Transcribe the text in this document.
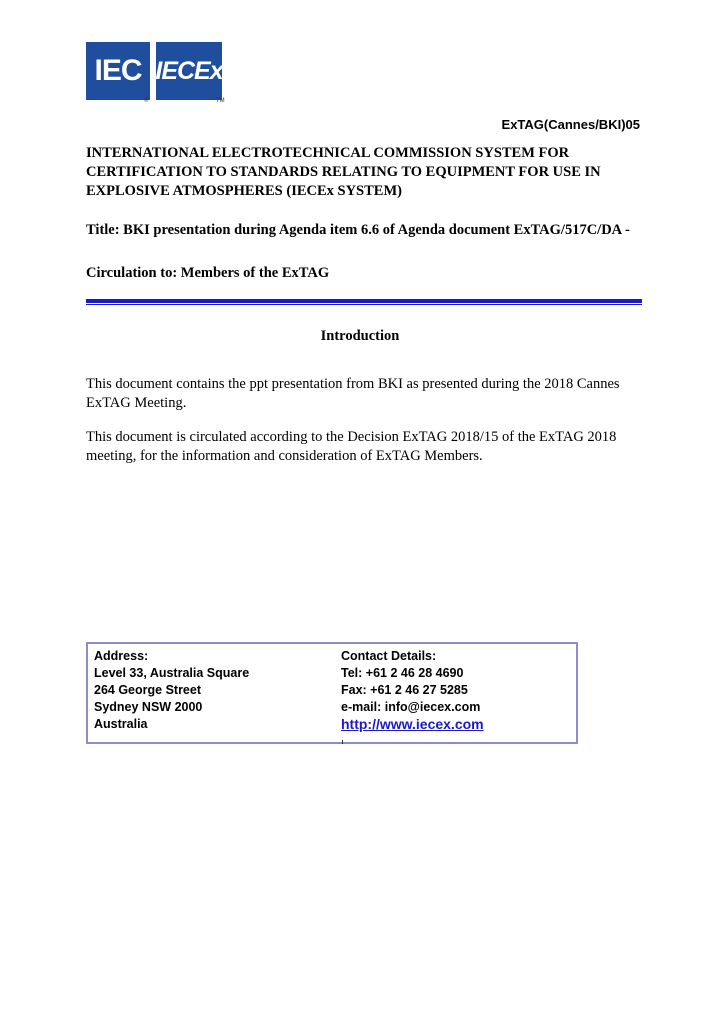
IEC IECEx
®	TM
ExTAG(Cannes/BKI)05
INTERNATIONAL ELECTROTECHNICAL COMMISSION SYSTEM FOR CERTIFICATION TO STANDARDS RELATING TO EQUIPMENT FOR USE IN EXPLOSIVE ATMOSPHERES (IECEx SYSTEM)
Title: BKI presentation during Agenda item 6.6 of Agenda document ExTAG/517C/DA -
Circulation to: Members of the ExTAG
Introduction
This document contains the ppt presentation from BKI as presented during the 2018 Cannes ExTAG Meeting.
This document is circulated according to the Decision ExTAG 2018/15 of the ExTAG 2018 meeting, for the information and consideration of ExTAG Members.
Address:
Level 33, Australia Square
264 George Street
Sydney NSW 2000
Australia
Contact Details:
Tel: +61 2 46 28 4690
Fax: +61 2 46 27 5285
e-mail: info@iecex.com
http://www.iecex.com
